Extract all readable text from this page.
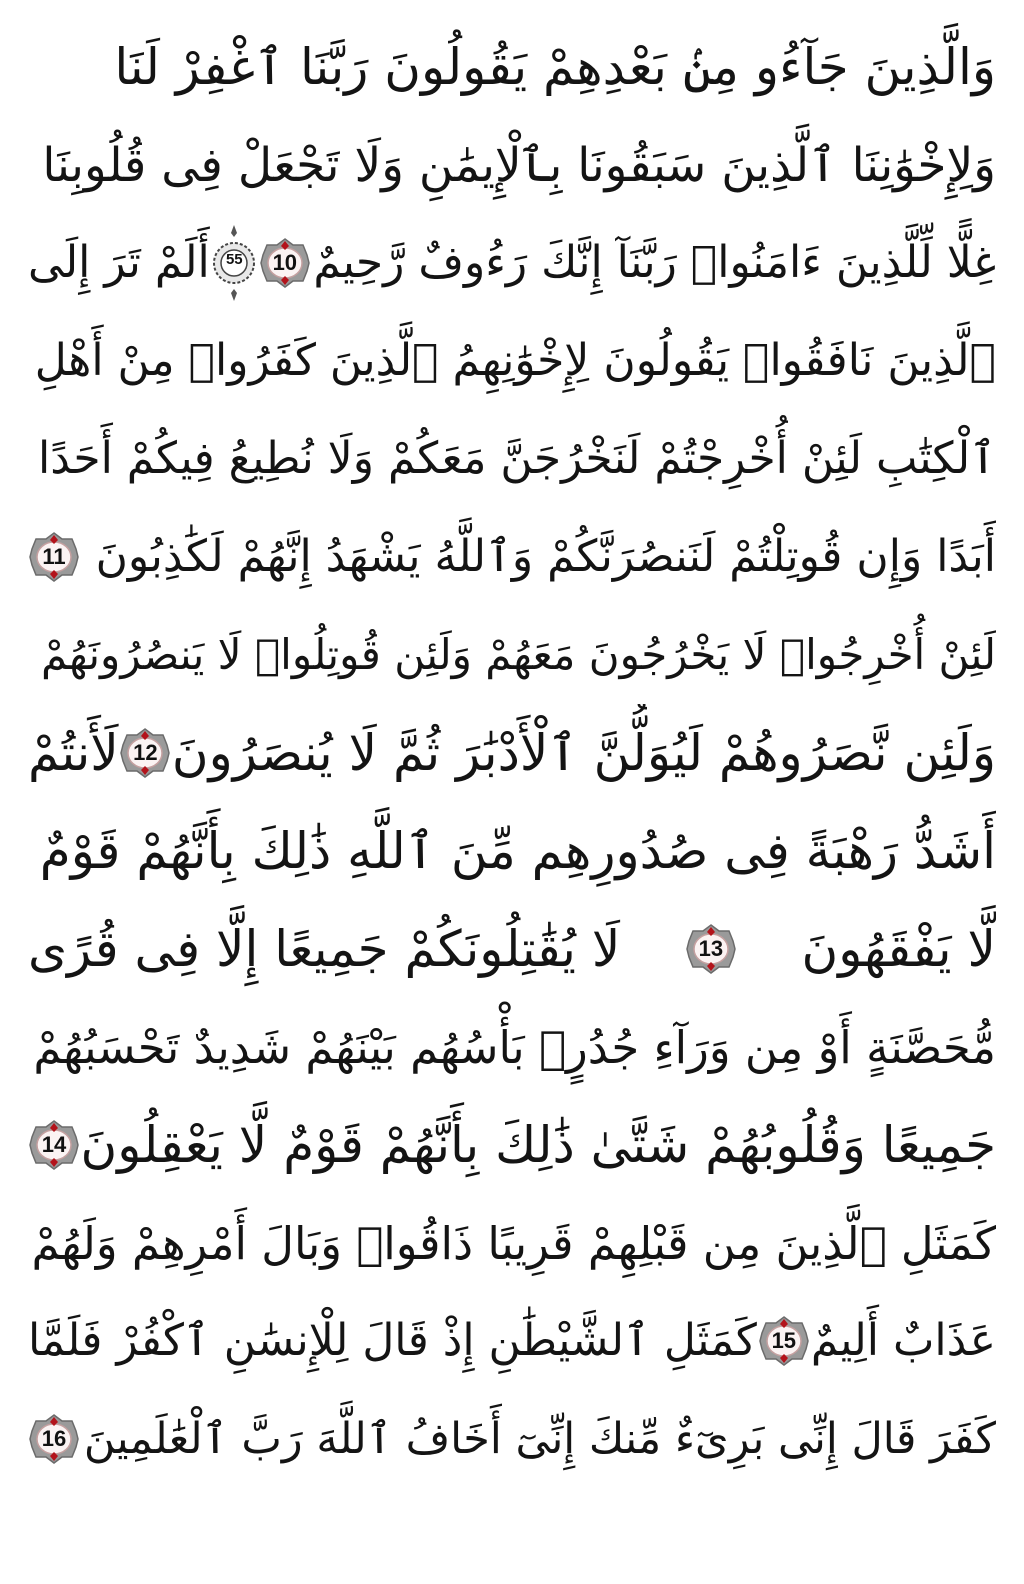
وَالَّذِينَ جَآءُو مِنۢ بَعْدِهِمْ يَقُولُونَ رَبَّنَا ٱغْفِرْ لَنَا
وَلِإِخْوَٰنِنَا ٱلَّذِينَ سَبَقُونَا بِٱلْإِيمَٰنِ وَلَا تَجْعَلْ فِى قُلُوبِنَا
غِلًّا لِّلَّذِينَ ءَامَنُوا۟ رَبَّنَآ إِنَّكَ رَءُوفٌ رَّحِيمٌ
10
55
أَلَمْ تَرَ إِلَى
ٱلَّذِينَ نَافَقُوا۟ يَقُولُونَ لِإِخْوَٰنِهِمُ ٱلَّذِينَ كَفَرُوا۟ مِنْ أَهْلِ
ٱلْكِتَٰبِ لَئِنْ أُخْرِجْتُمْ لَنَخْرُجَنَّ مَعَكُمْ وَلَا نُطِيعُ فِيكُمْ أَحَدًا
أَبَدًا وَإِن قُوتِلْتُمْ لَنَنصُرَنَّكُمْ وَٱللَّهُ يَشْهَدُ إِنَّهُمْ لَكَٰذِبُونَ
11
لَئِنْ أُخْرِجُوا۟ لَا يَخْرُجُونَ مَعَهُمْ وَلَئِن قُوتِلُوا۟ لَا يَنصُرُونَهُمْ
وَلَئِن نَّصَرُوهُمْ لَيُوَلُّنَّ ٱلْأَدْبَٰرَ ثُمَّ لَا يُنصَرُونَ
12
لَأَنتُمْ
أَشَدُّ رَهْبَةً فِى صُدُورِهِم مِّنَ ٱللَّهِ ذَٰلِكَ بِأَنَّهُمْ قَوْمٌ
لَّا يَفْقَهُونَ
13
لَا يُقَٰتِلُونَكُمْ جَمِيعًا إِلَّا فِى قُرًى
مُّحَصَّنَةٍ أَوْ مِن وَرَآءِ جُدُرٍۭ بَأْسُهُم بَيْنَهُمْ شَدِيدٌ تَحْسَبُهُمْ
جَمِيعًا وَقُلُوبُهُمْ شَتَّىٰ ذَٰلِكَ بِأَنَّهُمْ قَوْمٌ لَّا يَعْقِلُونَ
14
كَمَثَلِ ٱلَّذِينَ مِن قَبْلِهِمْ قَرِيبًا ذَاقُوا۟ وَبَالَ أَمْرِهِمْ وَلَهُمْ
عَذَابٌ أَلِيمٌ
15
كَمَثَلِ ٱلشَّيْطَٰنِ إِذْ قَالَ لِلْإِنسَٰنِ ٱكْفُرْ فَلَمَّا
كَفَرَ قَالَ إِنِّى بَرِىٓءٌ مِّنكَ إِنِّىٓ أَخَافُ ٱللَّهَ رَبَّ ٱلْعَٰلَمِينَ
16
